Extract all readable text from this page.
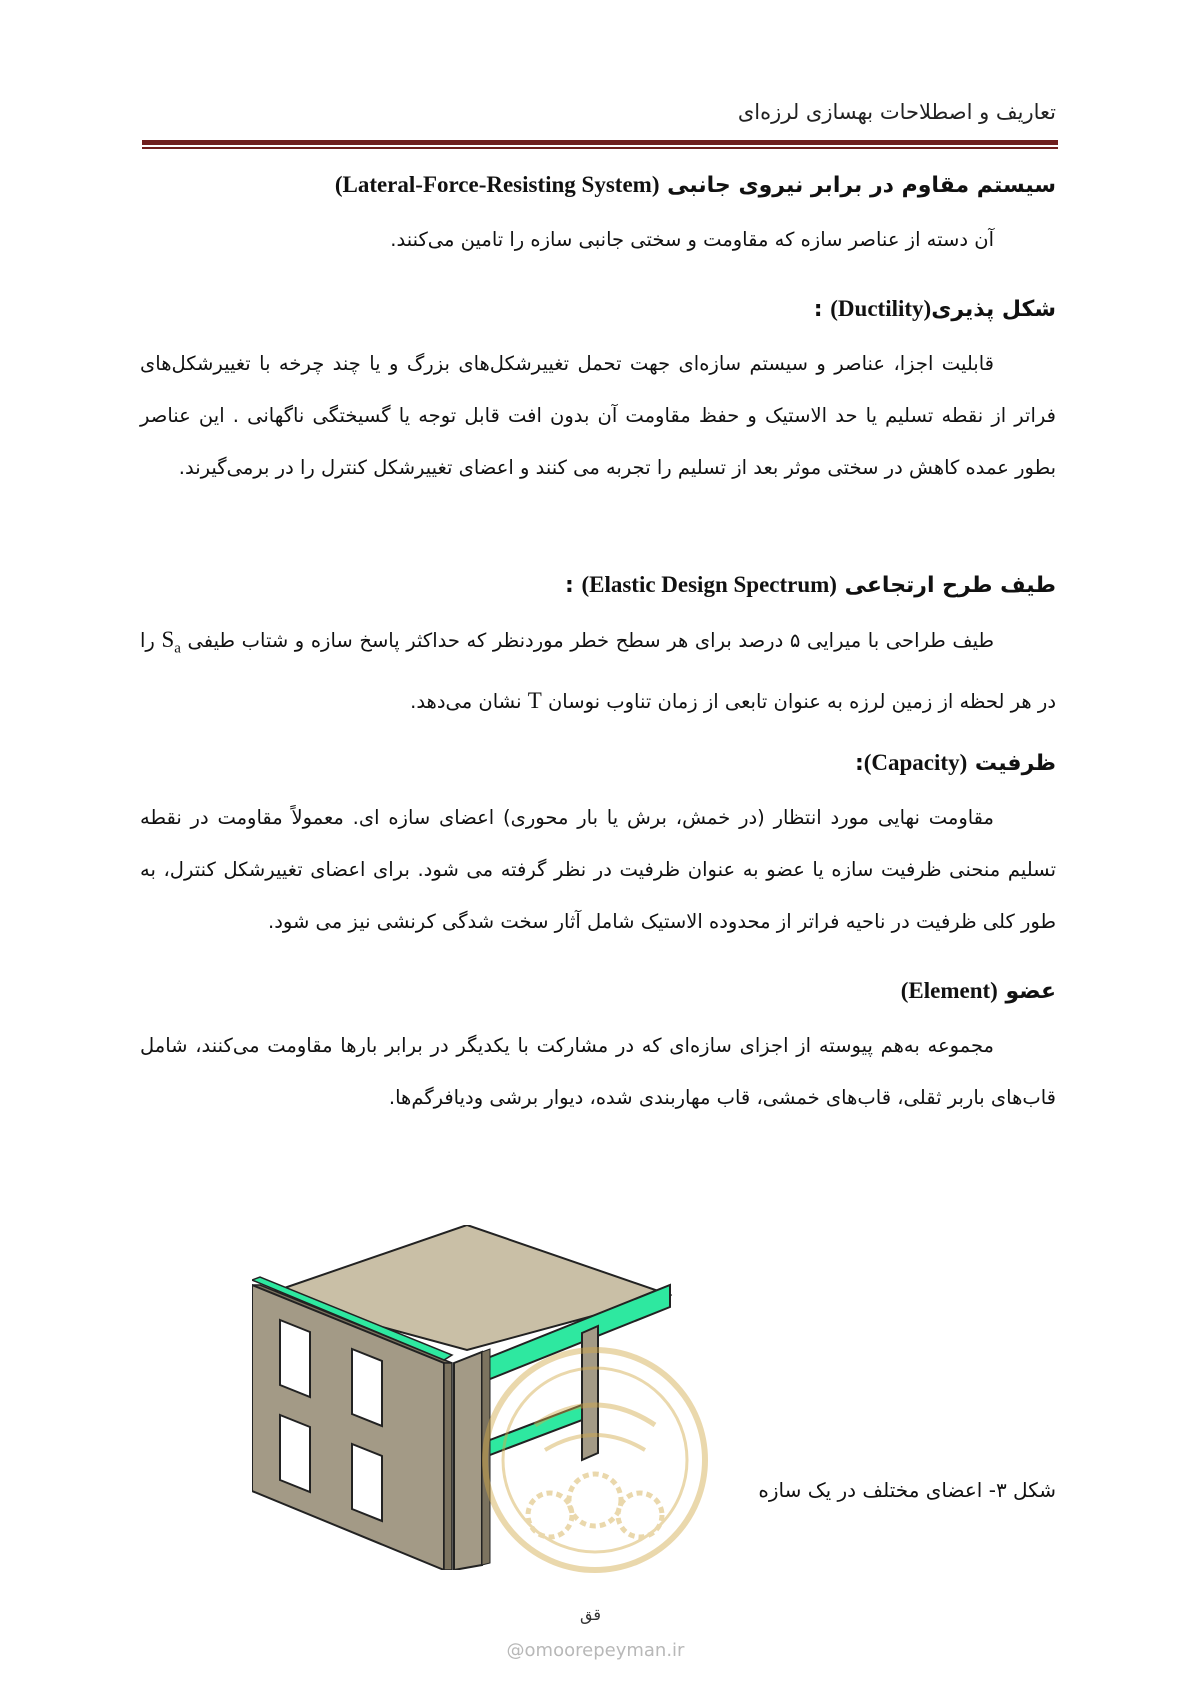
تعاریف و اصطلاحات بهسازی لرزه‌ای
سیستم مقاوم در برابر نیروی جانبی (Lateral-Force-Resisting System)
آن دسته از عناصر سازه که مقاومت و سختی جانبی سازه را تامین می‌کنند.
شکل پذیری(Ductility) :
قابلیت اجزا، عناصر و سیستم سازه‌ای جهت تحمل تغییرشکل‌های بزرگ و یا چند چرخه با تغییرشکل‌های فراتر از نقطه تسلیم یا حد الاستیک و حفظ مقاومت آن بدون افت قابل توجه یا گسیختگی ناگهانی . این عناصر بطور عمده کاهش در سختی موثر بعد از تسلیم را تجربه می کنند و اعضای تغییرشکل کنترل را در برمی‌گیرند.
طیف طرح ارتجاعی (Elastic Design Spectrum) :
طیف طراحی با میرایی ۵ درصد برای هر سطح خطر موردنظر که حداکثر پاسخ سازه و شتاب طیفی $S_a$ را در هر لحظه از زمین لرزه به عنوان تابعی از زمان تناوب نوسان T نشان می‌دهد.
ظرفیت (Capacity):
مقاومت نهایی مورد انتظار (در خمش، برش یا بار محوری) اعضای سازه ای. معمولاً مقاومت در نقطه تسلیم منحنی ظرفیت سازه یا عضو به عنوان ظرفیت در نظر گرفته می شود. برای اعضای تغییرشکل کنترل، به طور کلی ظرفیت در ناحیه فراتر از محدوده الاستیک شامل آثار سخت شدگی کرنشی نیز می شود.
عضو (Element)
مجموعه به‌هم پیوسته از اجزای سازه‌ای که در مشارکت با یکدیگر در برابر بارها مقاومت می‌کنند، شامل قاب‌های باربر ثقلی، قاب‌های خمشی، قاب مهاربندی شده، دیوار برشی ودیافرگم‌ها.
شکل ۳- اعضای مختلف در یک سازه
قق
@omoorepeyman.ir
